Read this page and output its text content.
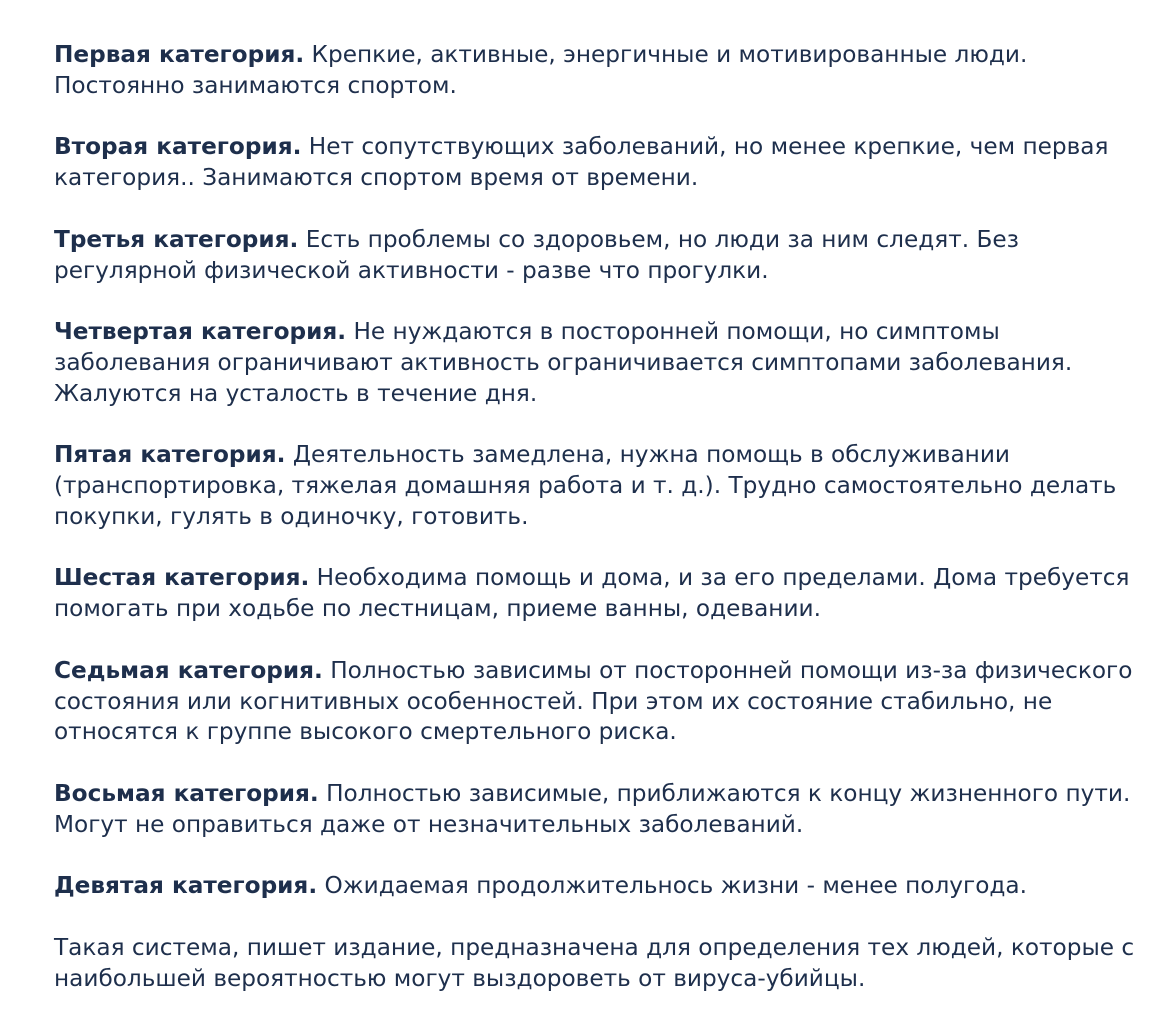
Первая категория. Крепкие, активные, энергичные и мотивированные люди. Постоянно занимаются спортом.

Вторая категория. Нет сопутствующих заболеваний, но менее крепкие, чем первая категория.. Занимаются спортом время от времени.

Третья категория. Есть проблемы со здоровьем, но люди за ним следят. Без регулярной физической активности - разве что прогулки.

Четвертая категория. Не нуждаются в посторонней помощи, но симптомы заболевания ограничивают активность ограничивается симптопами заболевания. Жалуются на усталость в течение дня.

Пятая категория. Деятельность замедлена, нужна помощь в обслуживании (транспортировка, тяжелая домашняя работа и т. д.). Трудно самостоятельно делать покупки, гулять в одиночку, готовить.

Шестая категория. Необходима помощь и дома, и за его пределами. Дома требуется помогать при ходьбе по лестницам, приеме ванны, одевании.

Седьмая категория. Полностью зависимы от посторонней помощи из-за физического состояния или когнитивных особенностей. При этом их состояние стабильно, не относятся к группе высокого смертельного риска.

Восьмая категория. Полностью зависимые, приближаются к концу жизненного пути. Могут не оправиться даже от незначительных заболеваний.

Девятая категория. Ожидаемая продолжительнось жизни - менее полугода.

Такая система, пишет издание, предназначена для определения тех людей, которые с наибольшей вероятностью могут выздороветь от вируса-убийцы.
